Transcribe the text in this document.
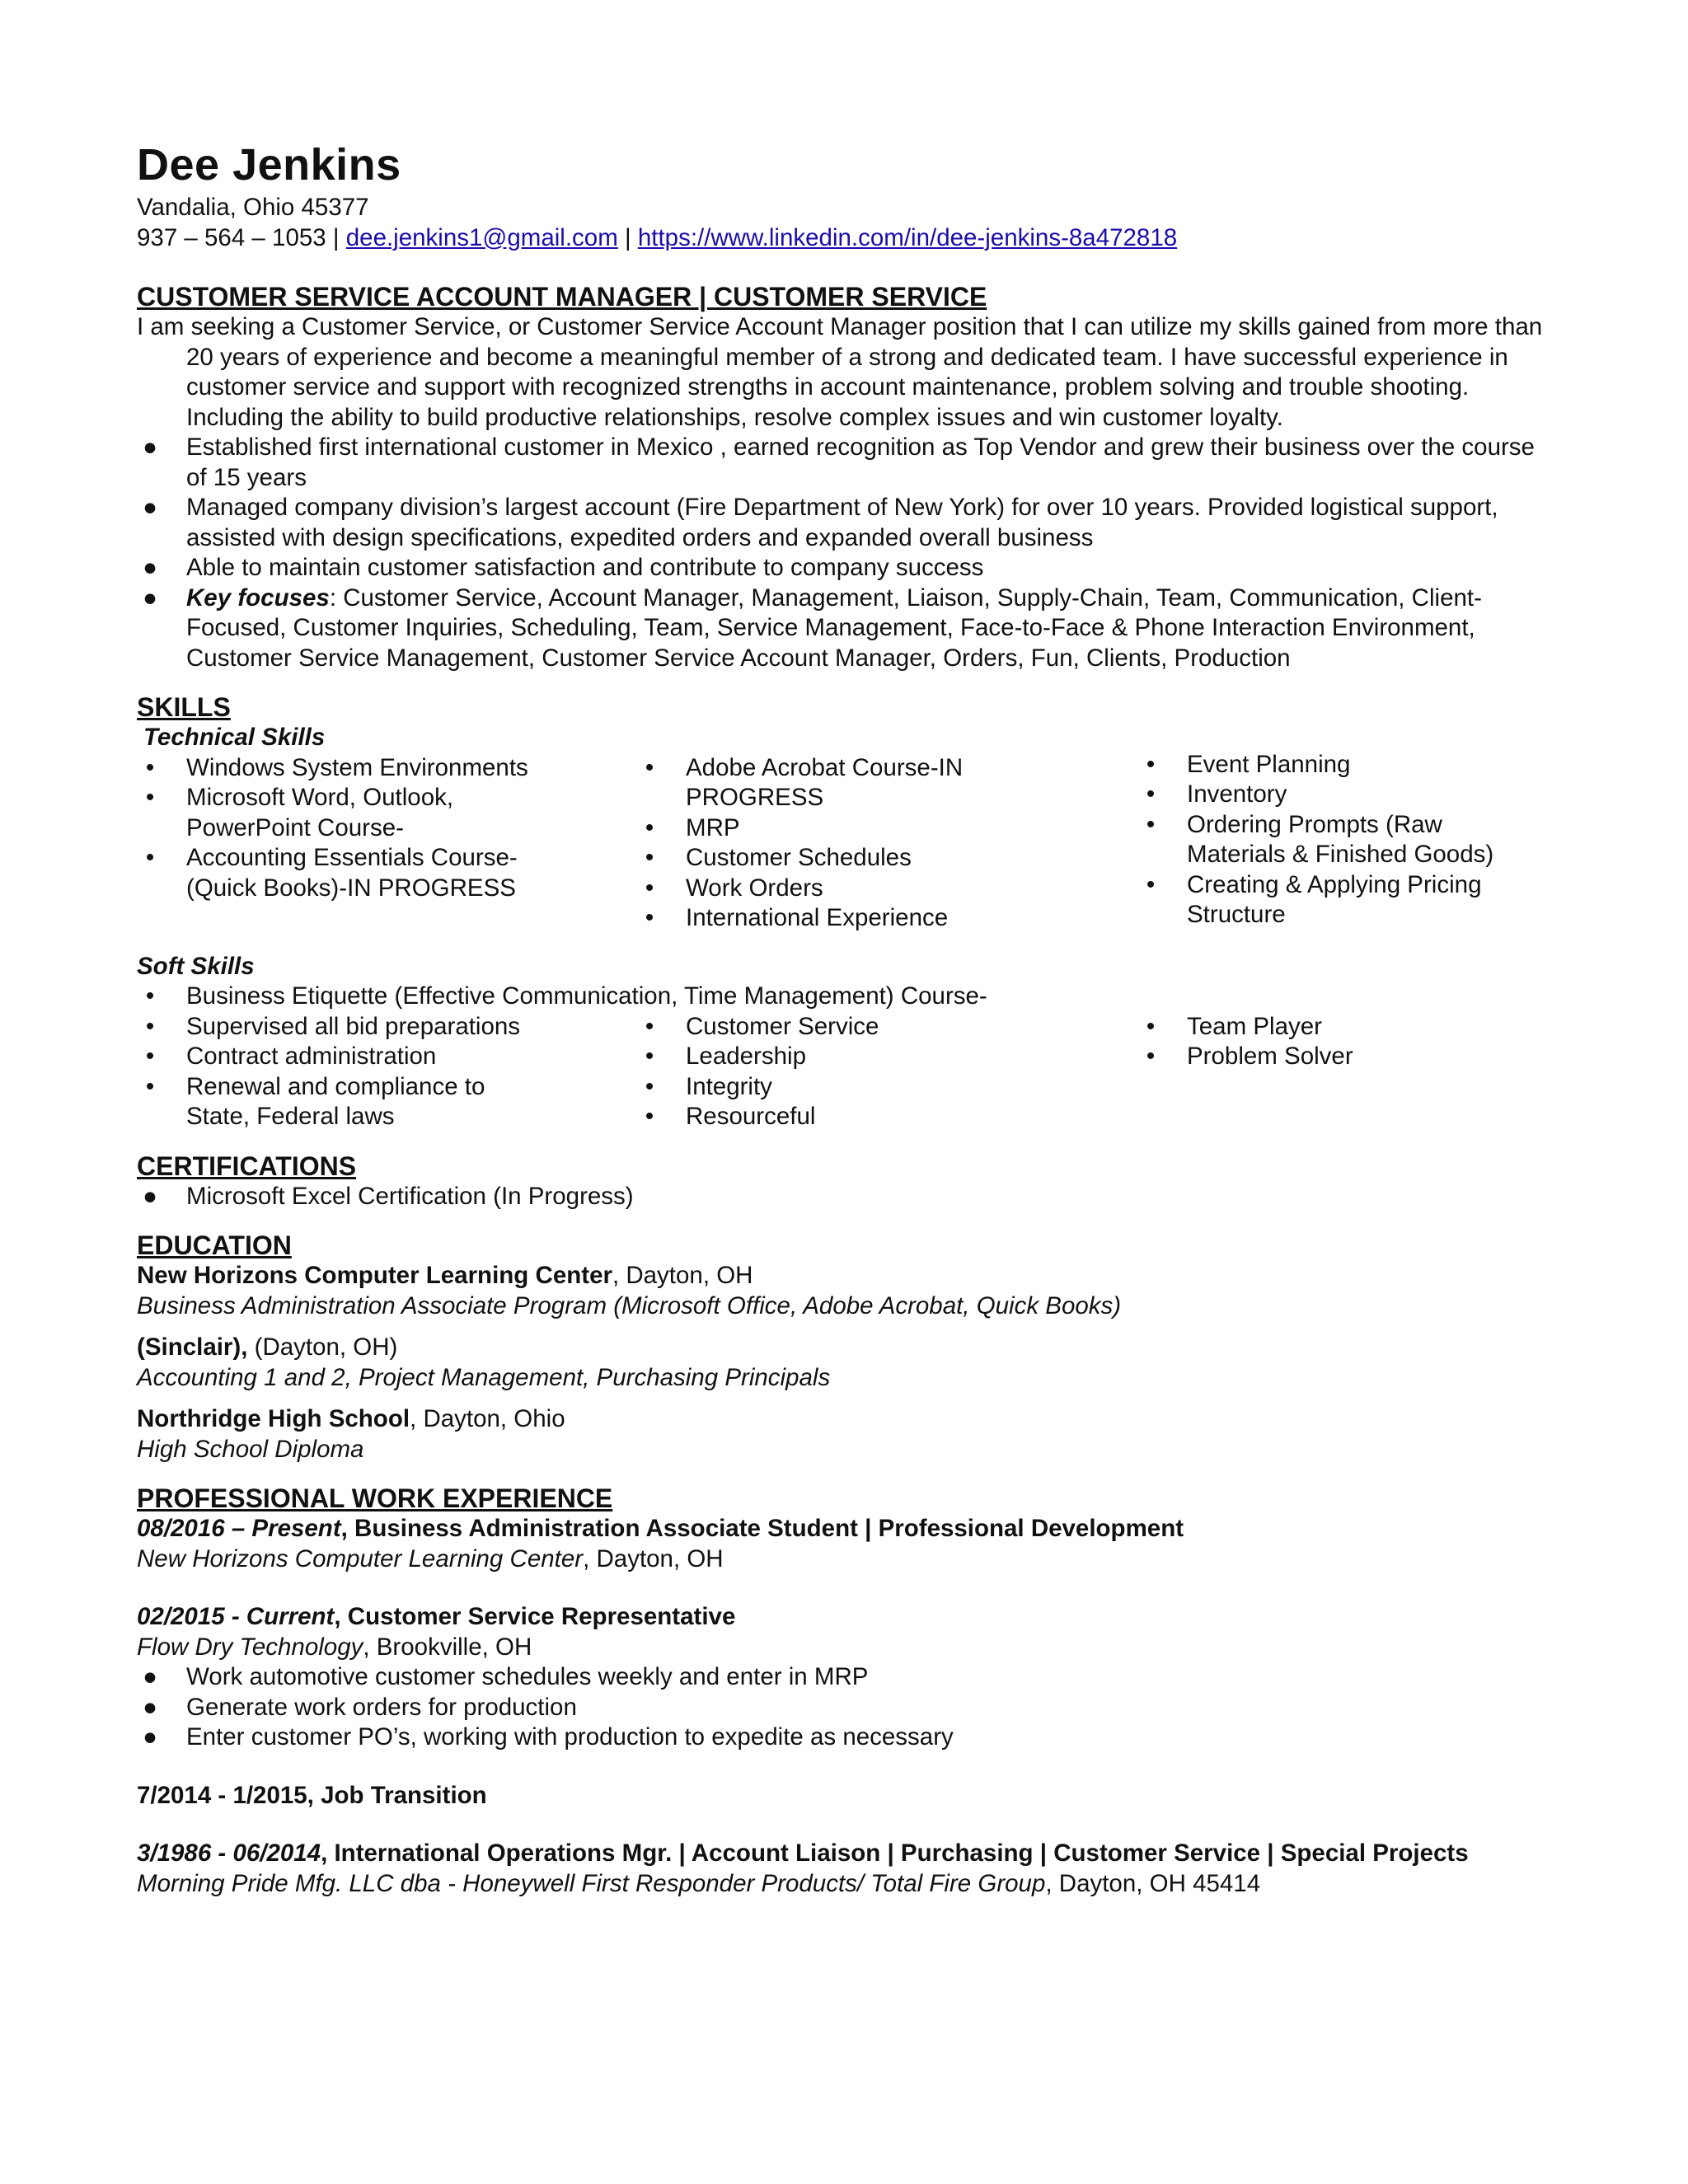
Dee Jenkins
Vandalia, Ohio 45377
937 – 564 – 1053 | dee.jenkins1@gmail.com | https://www.linkedin.com/in/dee-jenkins-8a472818
CUSTOMER SERVICE ACCOUNT MANAGER | CUSTOMER SERVICE
I am seeking a Customer Service, or Customer Service Account Manager position that I can utilize my skills gained from more than 20 years of experience and become a meaningful member of a strong and dedicated team. I have successful experience in customer service and support with recognized strengths in account maintenance, problem solving and trouble shooting. Including the ability to build productive relationships, resolve complex issues and win customer loyalty.
● Established first international customer in Mexico , earned recognition as Top Vendor and grew their business over the course of 15 years
● Managed company division’s largest account (Fire Department of New York) for over 10 years. Provided logistical support, assisted with design specifications, expedited orders and expanded overall business
● Able to maintain customer satisfaction and contribute to company success
● Key focuses: Customer Service, Account Manager, Management, Liaison, Supply-Chain, Team, Communication, Client-Focused, Customer Inquiries, Scheduling, Team, Service Management, Face-to-Face & Phone Interaction Environment, Customer Service Management, Customer Service Account Manager, Orders, Fun, Clients, Production
SKILLS
Technical Skills
• Windows System Environments
• Microsoft Word, Outlook, PowerPoint Course-
• Accounting Essentials Course-(Quick Books)-IN PROGRESS
• Adobe Acrobat Course-IN PROGRESS
• MRP
• Customer Schedules
• Work Orders
• International Experience
• Event Planning
• Inventory
• Ordering Prompts (Raw Materials & Finished Goods)
• Creating & Applying Pricing Structure
Soft Skills
• Business Etiquette (Effective Communication, Time Management) Course-
• Supervised all bid preparations
• Contract administration
• Renewal and compliance to State, Federal laws
• Customer Service
• Leadership
• Integrity
• Resourceful
• Team Player
• Problem Solver
CERTIFICATIONS
● Microsoft Excel Certification (In Progress)
EDUCATION
New Horizons Computer Learning Center, Dayton, OH
Business Administration Associate Program (Microsoft Office, Adobe Acrobat, Quick Books)
(Sinclair), (Dayton, OH)
Accounting 1 and 2, Project Management, Purchasing Principals
Northridge High School, Dayton, Ohio
High School Diploma
PROFESSIONAL WORK EXPERIENCE
08/2016 – Present, Business Administration Associate Student | Professional Development
New Horizons Computer Learning Center, Dayton, OH
02/2015 - Current, Customer Service Representative
Flow Dry Technology, Brookville, OH
● Work automotive customer schedules weekly and enter in MRP
● Generate work orders for production
● Enter customer PO’s, working with production to expedite as necessary
7/2014 - 1/2015, Job Transition
3/1986 - 06/2014, International Operations Mgr. | Account Liaison | Purchasing | Customer Service | Special Projects
Morning Pride Mfg. LLC dba - Honeywell First Responder Products/ Total Fire Group, Dayton, OH 45414
